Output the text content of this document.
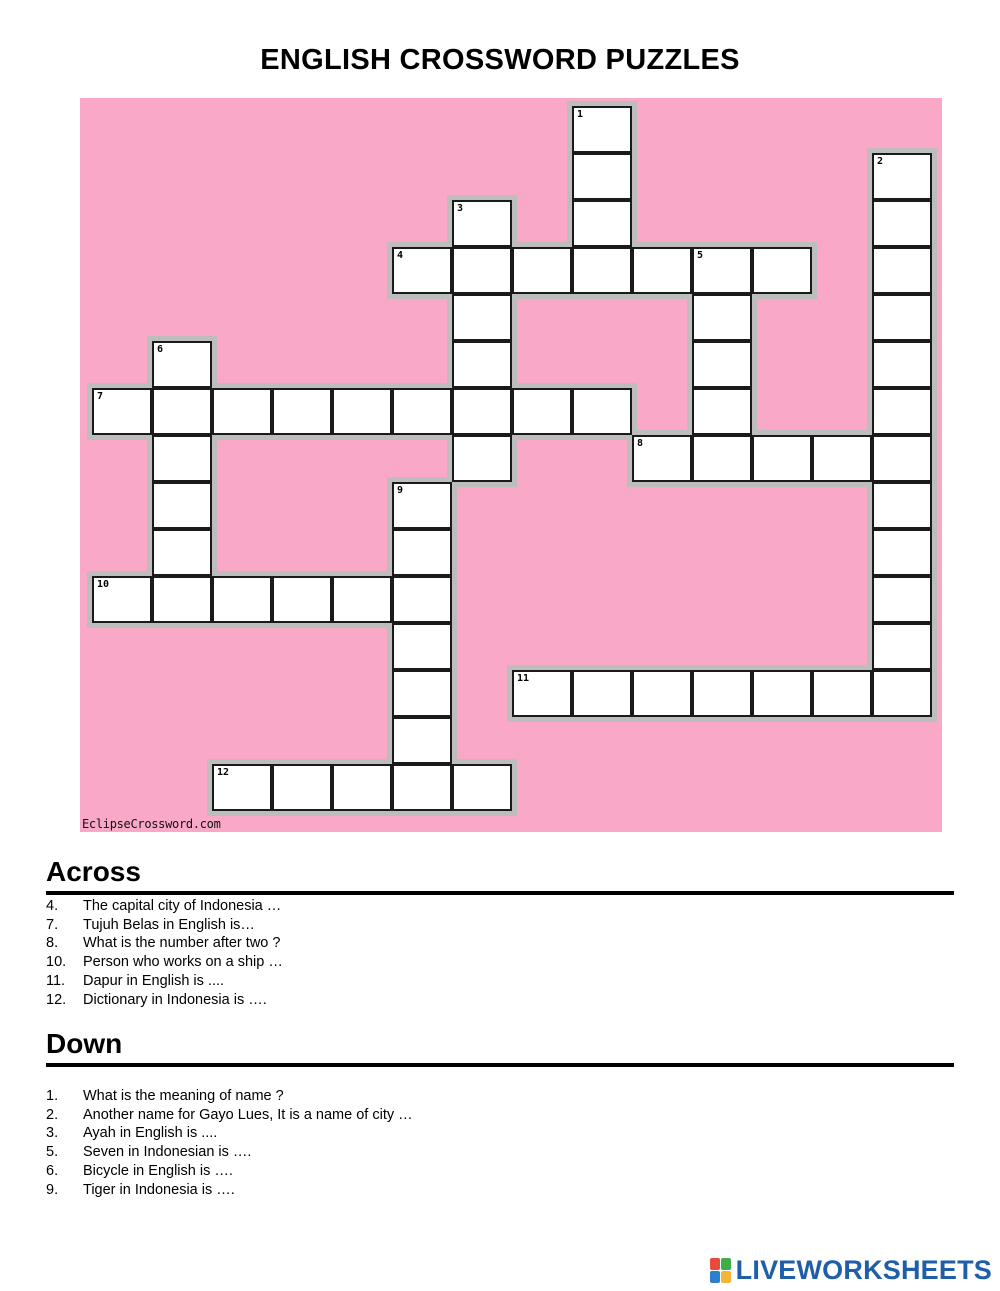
ENGLISH CROSSWORD PUZZLES
EclipseCrossword.com
1
2
3
4	5
6
7
8
9
10
11
12
Across
4.	The capital city of Indonesia …
7.	Tujuh Belas in English is…
8.	What is the number after two ?
10.	Person who works on a ship …
11.	Dapur in English is ....
12.	Dictionary in Indonesia is ….
Down
1.	What is the meaning of name ?
2.	Another name for Gayo Lues, It is a name of city …
3.	Ayah in English is ....
5.	Seven in Indonesian is ….
6.	Bicycle in English is ….
9.	Tiger in Indonesia is ….
LIVEWORKSHEETS
